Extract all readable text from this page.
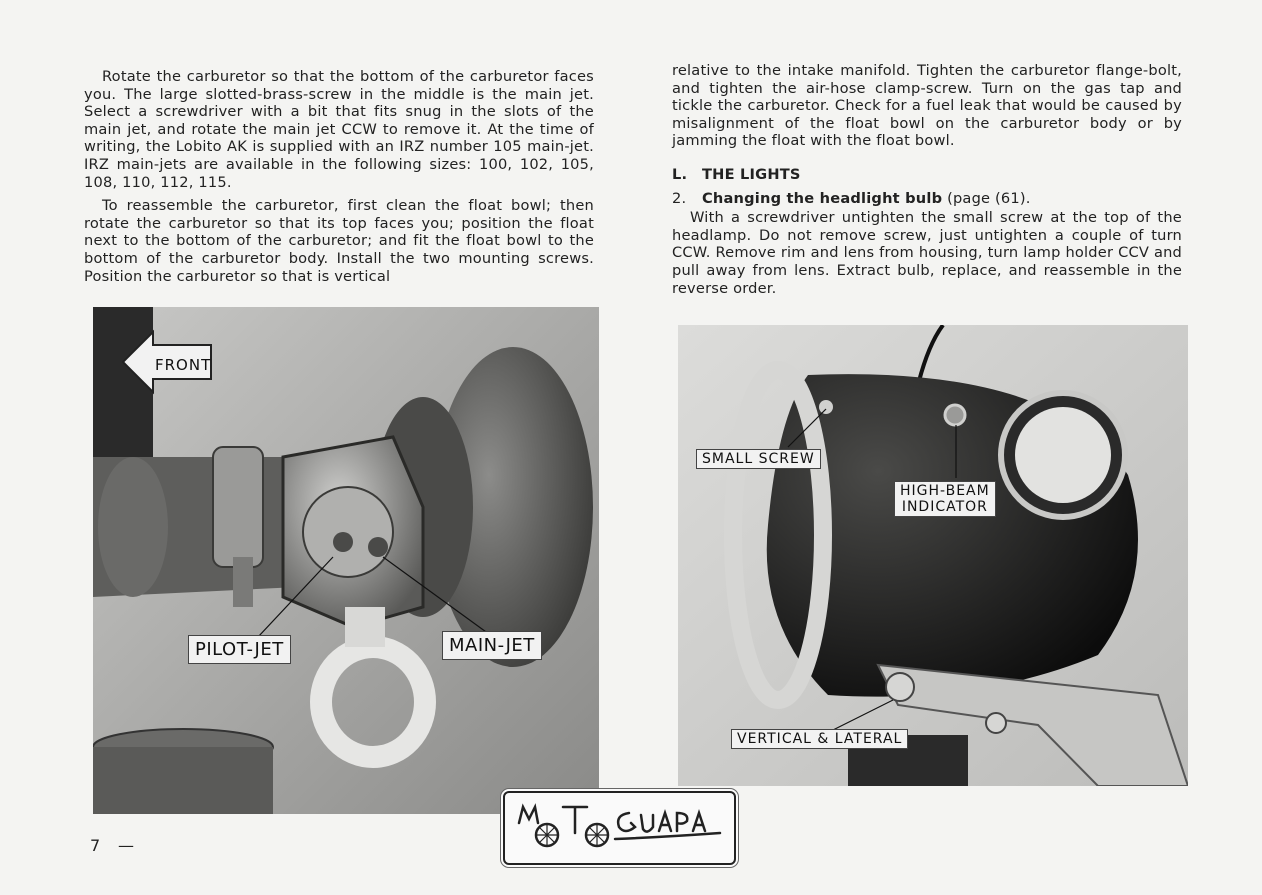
Rotate the carburetor so that the bottom of the carburetor faces you. The large slotted-brass-screw in the middle is the main jet. Select a screwdriver with a bit that fits snug in the slots of the main jet, and rotate the main jet CCW to remove it. At the time of writing, the Lobito AK is supplied with an IRZ number 105 main-jet. IRZ main-jets are available in the following sizes: 100, 102, 105, 108, 110, 112, 115.

To reassemble the carburetor, first clean the float bowl; then rotate the carburetor so that its top faces you; position the float next to the bottom of the carburetor; and fit the float bowl to the bottom of the carburetor body. Install the two mounting screws. Position the carburetor so that is vertical

relative to the intake manifold. Tighten the carburetor flange-bolt, and tighten the air-hose clamp-screw. Turn on the gas tap and tickle the carburetor. Check for a fuel leak that would be caused by misalignment of the float bowl on the carburetor body or by jamming the float with the float bowl.

L. THE LIGHTS
2. Changing the headlight bulb (page (61).

With a screwdriver untighten the small screw at the top of the headlamp. Do not remove screw, just untighten a couple of turn CCW. Remove rim and lens from housing, turn lamp holder CCV and pull away from lens. Extract bulb, replace, and reassemble in the reverse order.

FRONT
PILOT-JET	MAIN-JET
SMALL SCREW
HIGH-BEAM
INDICATOR
VERTICAL & LATERAL
7 —
